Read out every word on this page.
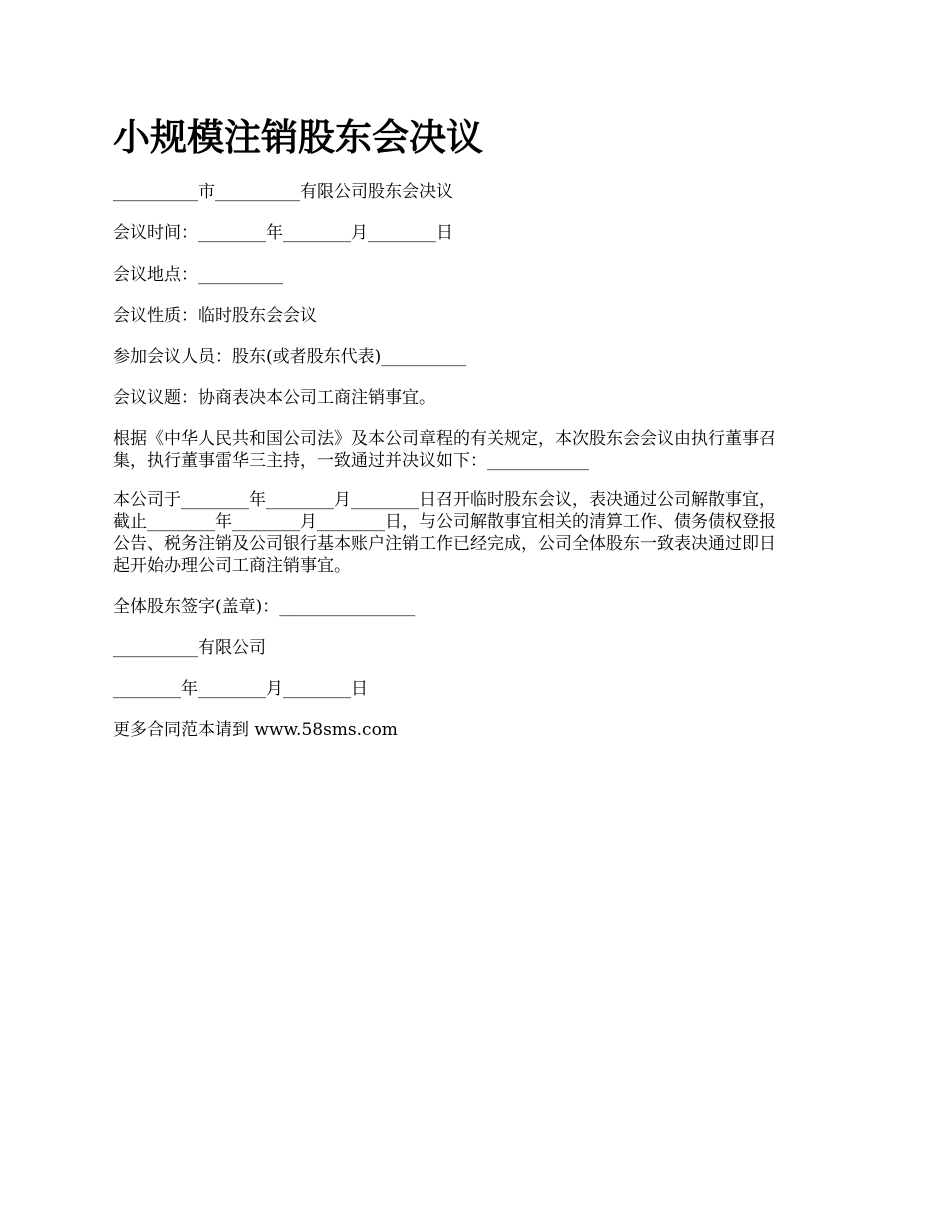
小规模注销股东会决议

__________市__________有限公司股东会决议

会议时间：________年________月________日

会议地点：__________

会议性质：临时股东会会议

参加会议人员：股东(或者股东代表)__________

会议议题：协商表决本公司工商注销事宜。

根据《中华人民共和国公司法》及本公司章程的有关规定，本次股东会会议由执行董事召
集，执行董事雷华三主持，一致通过并决议如下：____________

本公司于________年________月________日召开临时股东会议，表决通过公司解散事宜，
截止________年________月________日，与公司解散事宜相关的清算工作、债务债权登报
公告、税务注销及公司银行基本账户注销工作已经完成，公司全体股东一致表决通过即日
起开始办理公司工商注销事宜。

全体股东签字(盖章)：________________

__________有限公司

________年________月________日

更多合同范本请到 www.58sms.com
